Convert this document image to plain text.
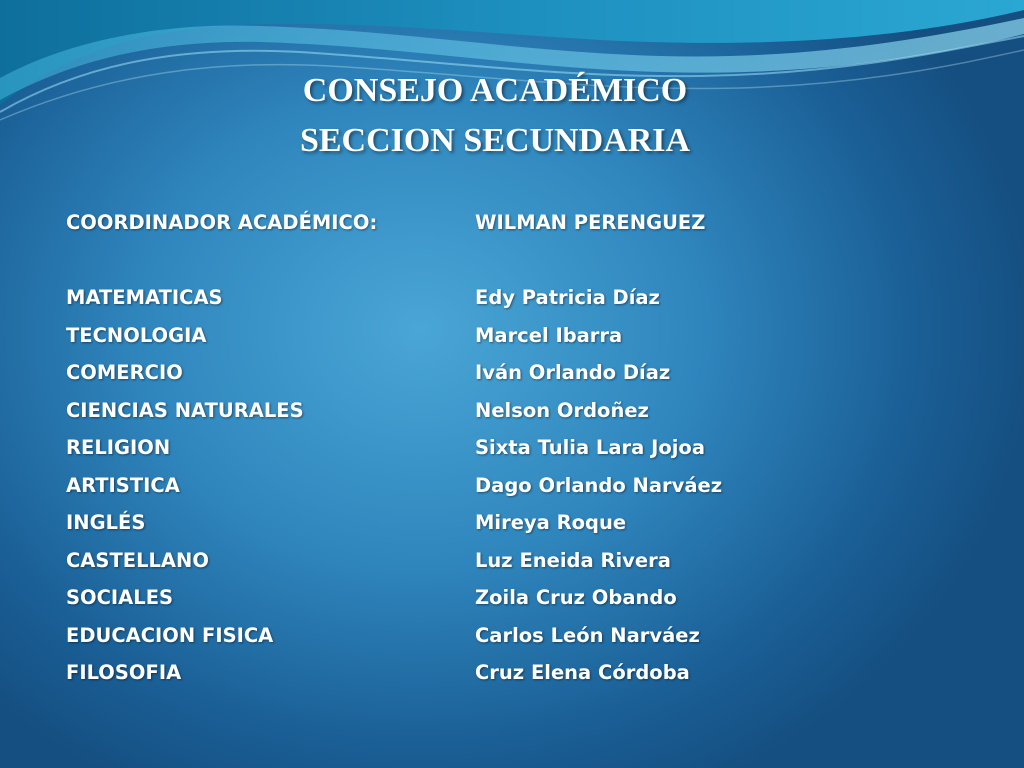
CONSEJO ACADÉMICO
SECCION SECUNDARIA
COORDINADOR ACADÉMICO:	WILMAN PERENGUEZ
MATEMATICAS	Edy Patricia Díaz
TECNOLOGIA	Marcel Ibarra
COMERCIO	Iván Orlando Díaz
CIENCIAS NATURALES	Nelson Ordoñez
RELIGION	Sixta Tulia Lara Jojoa
ARTISTICA	Dago Orlando Narváez
INGLÉS	Mireya Roque
CASTELLANO	Luz Eneida Rivera
SOCIALES	Zoila Cruz Obando
EDUCACION FISICA	Carlos León Narváez
FILOSOFIA	Cruz Elena Córdoba
